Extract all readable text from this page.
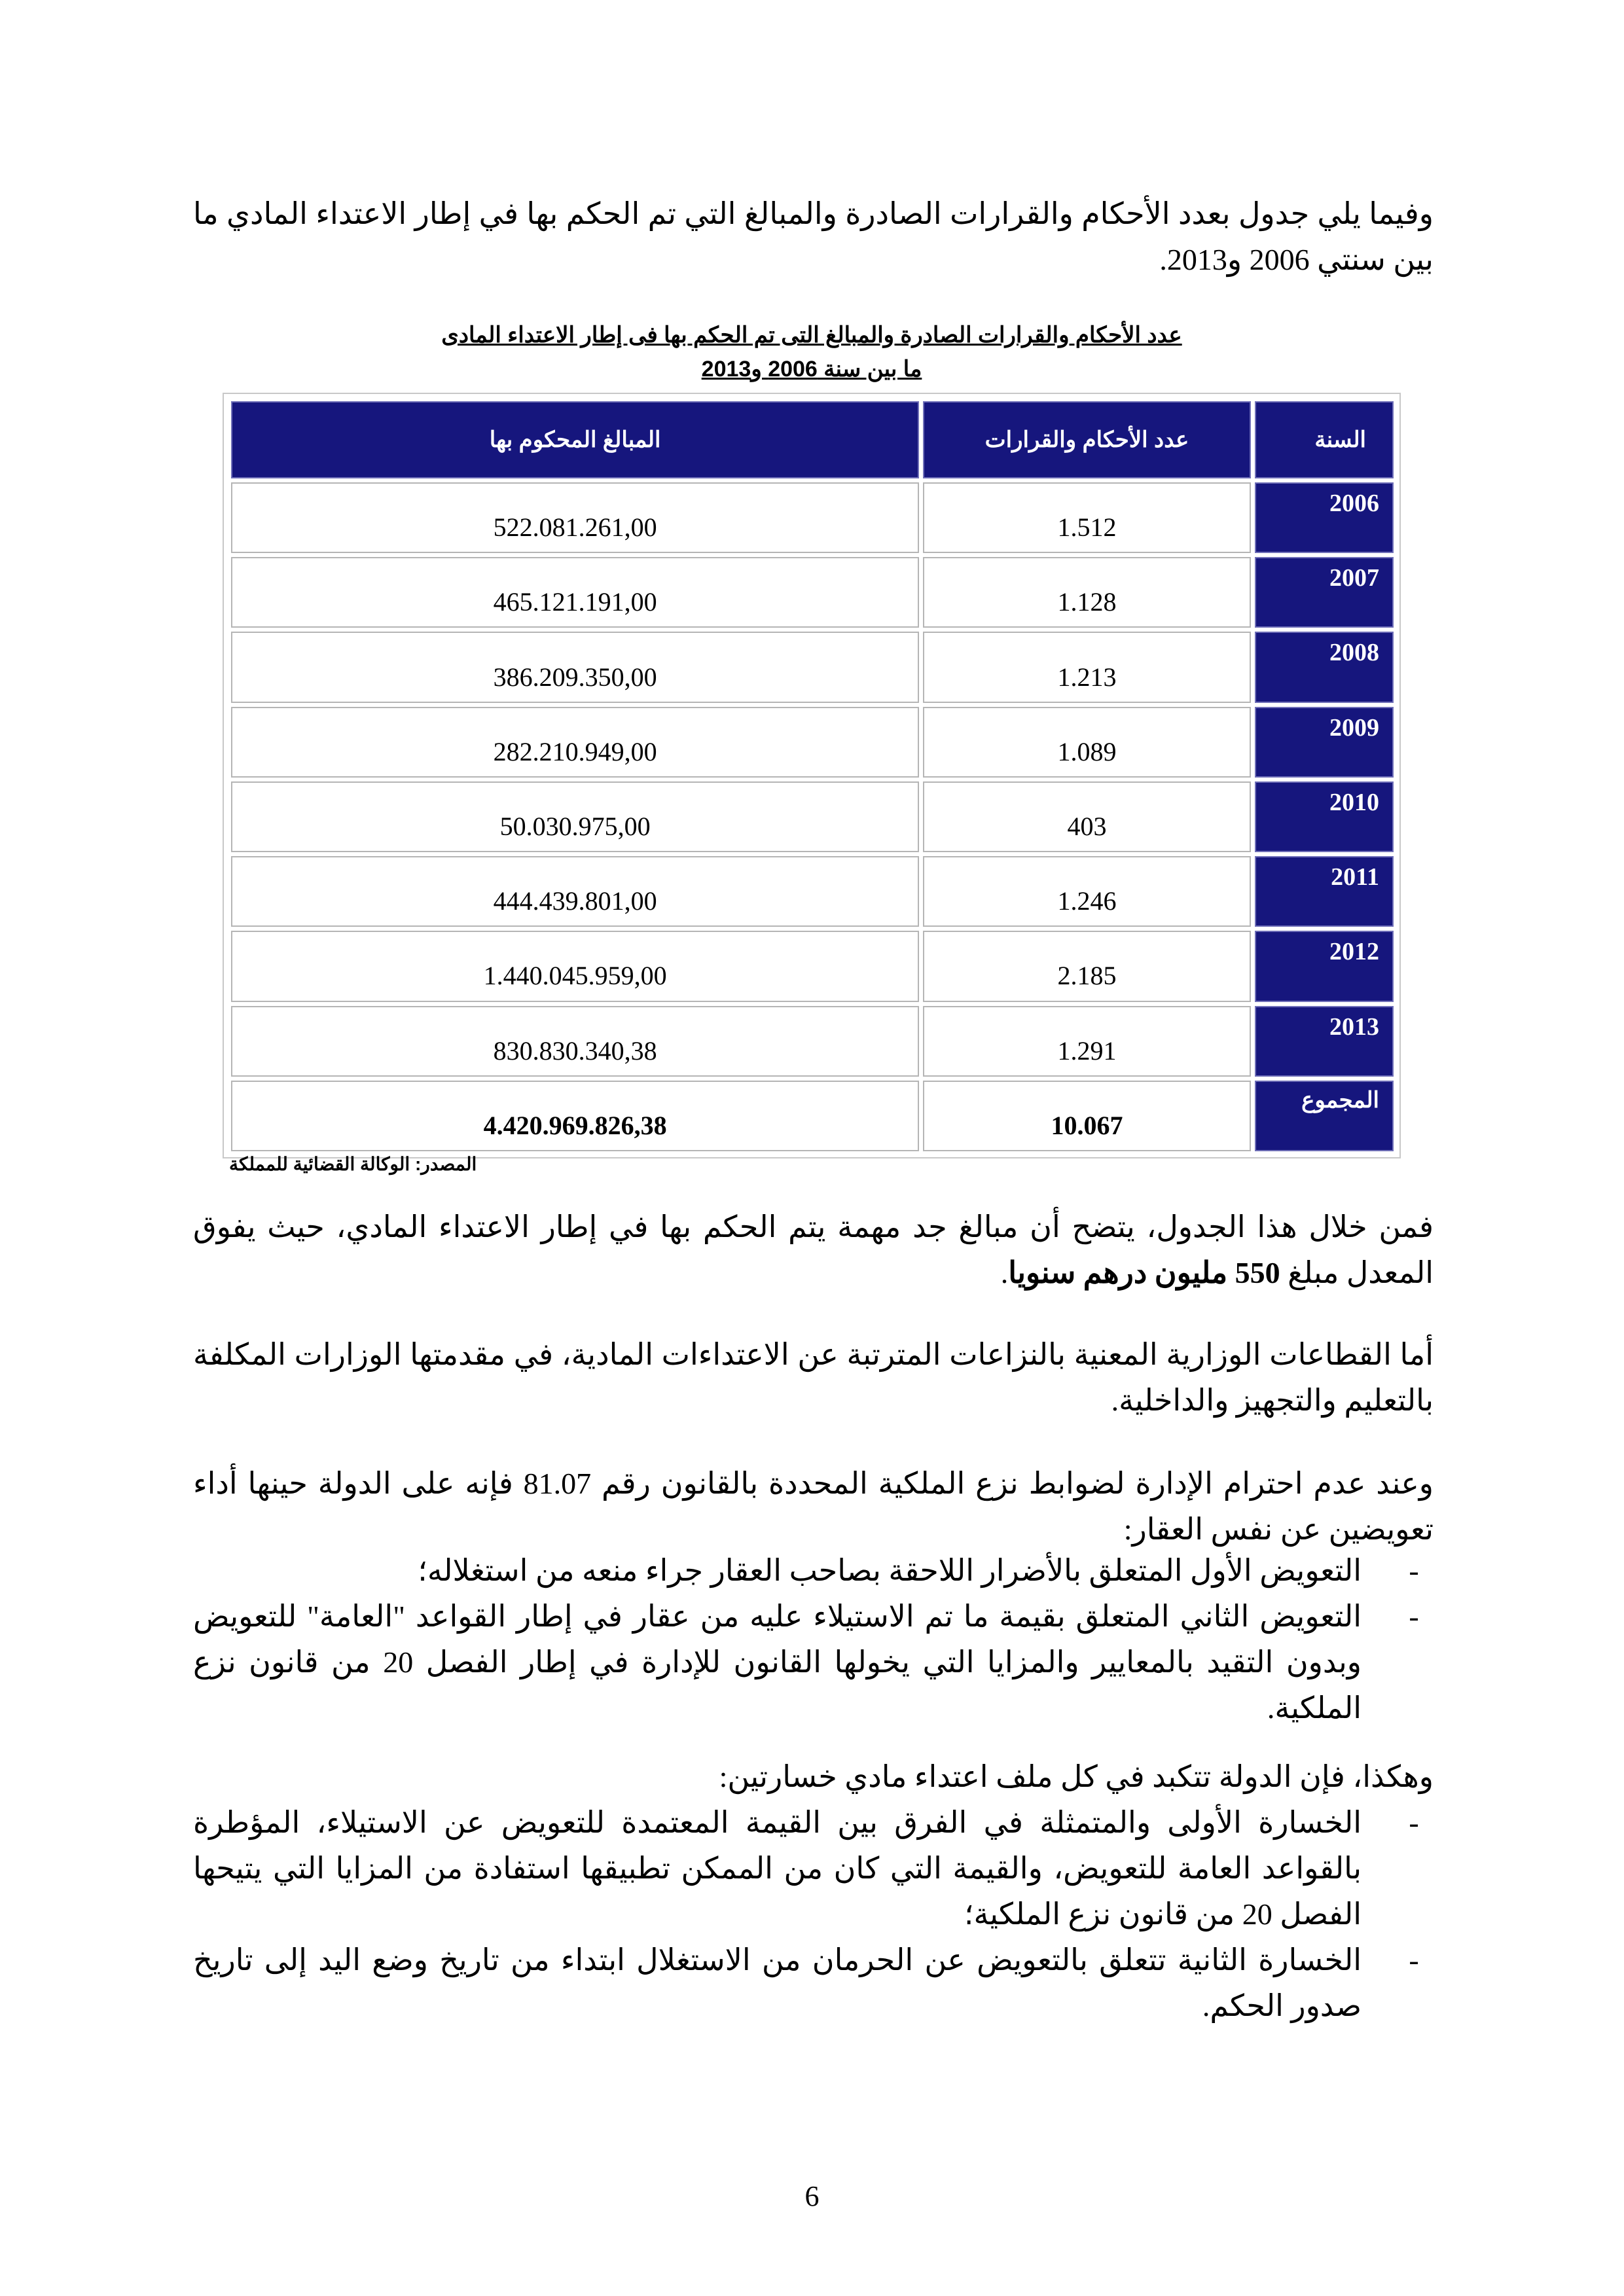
وفيما يلي جدول بعدد الأحكام والقرارات الصادرة والمبالغ التي تم الحكم بها في إطار الاعتداء المادي ما بين سنتي 2006 و2013.

عدد الأحكام والقرارات الصادرة والمبالغ التى تم الحكم بها فى إطار الاعتداء المادى

ما بين سنة 2006 و2013

السنة	عدد الأحكام والقرارات	المبالغ المحكوم بها
2006	1.512	522.081.261,00
2007	1.128	465.121.191,00
2008	1.213	386.209.350,00
2009	1.089	282.210.949,00
2010	403	50.030.975,00
2011	1.246	444.439.801,00
2012	2.185	1.440.045.959,00
2013	1.291	830.830.340,38
المجموع	10.067	4.420.969.826,38
المصدر: الوكالة القضائية للمملكة

فمن خلال هذا الجدول، يتضح أن مبالغ جد مهمة يتم الحكم بها في إطار الاعتداء المادي، حيث يفوق المعدل مبلغ 550 مليون درهم سنويا.

أما القطاعات الوزارية المعنية بالنزاعات المترتبة عن الاعتداءات المادية، في مقدمتها الوزارات المكلفة بالتعليم والتجهيز والداخلية.

وعند عدم احترام الإدارة لضوابط نزع الملكية المحددة بالقانون رقم 81.07 فإنه على الدولة حينها أداء تعويضين عن نفس العقار:

-
التعويض الأول المتعلق بالأضرار اللاحقة بصاحب العقار جراء منعه من استغلاله؛
-
التعويض الثاني المتعلق بقيمة ما تم الاستيلاء عليه من عقار في إطار القواعد "العامة" للتعويض وبدون التقيد بالمعايير والمزايا التي يخولها القانون للإدارة في إطار الفصل 20 من قانون نزع الملكية.

وهكذا، فإن الدولة تتكبد في كل ملف اعتداء مادي خسارتين:

-
الخسارة الأولى والمتمثلة في الفرق بين القيمة المعتمدة للتعويض عن الاستيلاء، المؤطرة بالقواعد العامة للتعويض، والقيمة التي كان من الممكن تطبيقها استفادة من المزايا التي يتيحها الفصل 20 من قانون نزع الملكية؛
-
الخسارة الثانية تتعلق بالتعويض عن الحرمان من الاستغلال ابتداء من تاريخ وضع اليد إلى تاريخ صدور الحكم.
6
